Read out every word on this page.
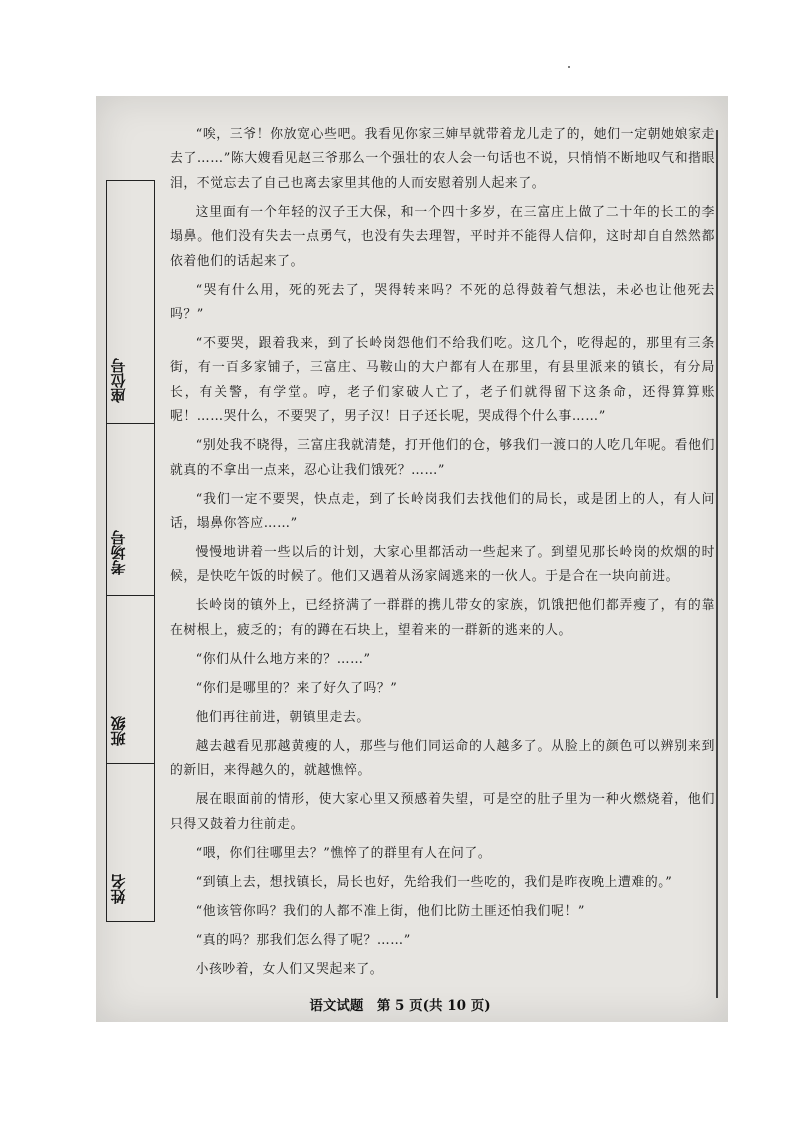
座位号
考场号
班级
姓名

“唉，三爷！你放宽心些吧。我看见你家三婶早就带着龙儿走了的，她们一定朝她娘家走去了……”陈大嫂看见赵三爷那么一个强壮的农人会一句话也不说，只悄悄不断地叹气和揩眼泪，不觉忘去了自己也离去家里其他的人而安慰着别人起来了。

这里面有一个年轻的汉子王大保，和一个四十多岁，在三富庄上做了二十年的长工的李塌鼻。他们没有失去一点勇气，也没有失去理智，平时并不能得人信仰，这时却自自然然都依着他们的话起来了。

“哭有什么用，死的死去了，哭得转来吗？不死的总得鼓着气想法，未必也让他死去吗？”

“不要哭，跟着我来，到了长岭岗怨他们不给我们吃。这几个，吃得起的，那里有三条街，有一百多家铺子，三富庄、马鞍山的大户都有人在那里，有县里派来的镇长，有分局长，有关警，有学堂。哼，老子们家破人亡了，老子们就得留下这条命，还得算算账呢！……哭什么，不要哭了，男子汉！日子还长呢，哭成得个什么事……”

“别处我不晓得，三富庄我就清楚，打开他们的仓，够我们一渡口的人吃几年呢。看他们就真的不拿出一点来，忍心让我们饿死？……”

“我们一定不要哭，快点走，到了长岭岗我们去找他们的局长，或是团上的人，有人问话，塌鼻你答应……”

慢慢地讲着一些以后的计划，大家心里都活动一些起来了。到望见那长岭岗的炊烟的时候，是快吃午饭的时候了。他们又遇着从汤家阔逃来的一伙人。于是合在一块向前进。

长岭岗的镇外上，已经挤满了一群群的携儿带女的家族，饥饿把他们都弄瘦了，有的靠在树根上，疲乏的；有的蹲在石块上，望着来的一群新的逃来的人。

“你们从什么地方来的？……”

“你们是哪里的？来了好久了吗？”

他们再往前进，朝镇里走去。

越去越看见那越黄瘦的人，那些与他们同运命的人越多了。从脸上的颜色可以辨别来到的新旧，来得越久的，就越憔悴。

展在眼面前的情形，使大家心里又预感着失望，可是空的肚子里为一种火燃烧着，他们只得又鼓着力往前走。

“喂，你们往哪里去？”憔悴了的群里有人在问了。

“到镇上去，想找镇长，局长也好，先给我们一些吃的，我们是昨夜晚上遭难的。”

“他该管你吗？我们的人都不准上街，他们比防土匪还怕我们呢！”

“真的吗？那我们怎么得了呢？……”

小孩吵着，女人们又哭起来了。

语文试题　第 5 页(共 10 页)
